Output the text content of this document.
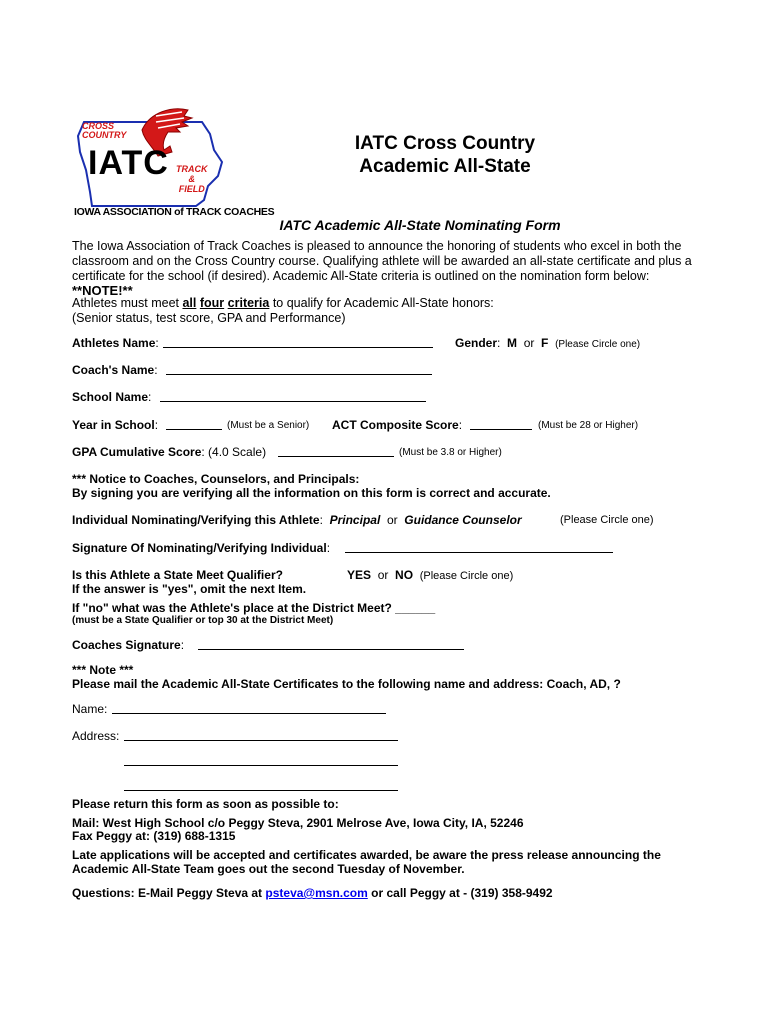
CROSS
COUNTRY
IATC TRACK
&
FIELD
IOWA ASSOCIATION of TRACK COACHES
IATC Cross Country
Academic All-State
IATC Academic All-State Nominating Form
The Iowa Association of Track Coaches is pleased to announce the honoring of students who excel in both the classroom and on the Cross Country course. Qualifying athlete will be awarded an all-state certificate and plus a certificate for the school (if desired). Academic All-State criteria is outlined on the nomination form below:
**NOTE!**
Athletes must meet all four criteria to qualify for Academic All-State honors:
(Senior status, test score, GPA and Performance)
Athletes Name:	Gender:  M or F (Please Circle one)
Coach's Name:
School Name:
Year in School:	(Must be a Senior) ACT Composite Score:	(Must be 28 or Higher)
GPA Cumulative Score: (4.0 Scale)	(Must be 3.8 or Higher)
*** Notice to Coaches, Counselors, and Principals:
By signing you are verifying all the information on this form is correct and accurate.
Individual Nominating/Verifying this Athlete:  Principal or Guidance Counselor	(Please Circle one)
Signature Of Nominating/Verifying Individual:
Is this Athlete a State Meet Qualifier?	YES or NO (Please Circle one)
If the answer is "yes", omit the next Item.
If "no" what was the Athlete's place at the District Meet? ______
(must be a State Qualifier or top 30 at the District Meet)
Coaches Signature:
*** Note ***
Please mail the Academic All-State Certificates to the following name and address: Coach, AD, ?
Name:
Address:
Please return this form as soon as possible to:
Mail: West High School c/o Peggy Steva, 2901 Melrose Ave, Iowa City, IA, 52246
Fax Peggy at: (319) 688-1315
Late applications will be accepted and certificates awarded, be aware the press release announcing the Academic All-State Team goes out the second Tuesday of November.
Questions: E-Mail Peggy Steva at psteva@msn.com or call Peggy at - (319) 358-9492
